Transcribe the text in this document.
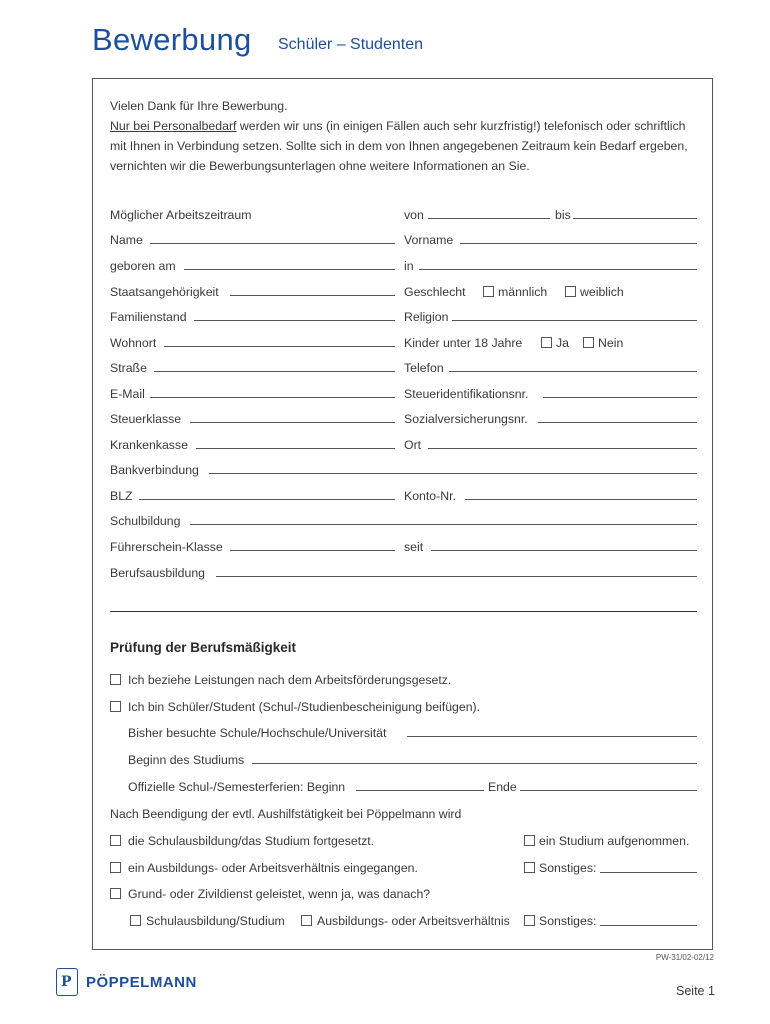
Bewerbung Schüler – Studenten
Vielen Dank für Ihre Bewerbung.
Nur bei Personalbedarf werden wir uns (in einigen Fällen auch sehr kurzfristig!) telefonisch oder schriftlich mit Ihnen in Verbindung setzen. Sollte sich in dem von Ihnen angegebenen Zeitraum kein Bedarf ergeben, vernichten wir die Bewerbungsunterlagen ohne weitere Informationen an Sie.
Möglicher Arbeitszeitraum	von	bis
Name	Vorname
geboren am	in
Staatsangehörigkeit	Geschlecht	männlich	weiblich
Familienstand	Religion
Wohnort	Kinder unter 18 Jahre	Ja Nein
Straße	Telefon
E-Mail	Steueridentifikationsnr.
Steuerklasse	Sozialversicherungsnr.
Krankenkasse	Ort
Bankverbindung
BLZ	Konto-Nr.
Schulbildung
Führerschein-Klasse	seit
Berufsausbildung
Prüfung der Berufsmäßigkeit
Ich beziehe Leistungen nach dem Arbeitsförderungsgesetz.
Ich bin Schüler/Student (Schul-/Studienbescheinigung beifügen).
Bisher besuchte Schule/Hochschule/Universität
Beginn des Studiums
Offizielle Schul-/Semesterferien: Beginn	Ende
Nach Beendigung der evtl. Aushilfstätigkeit bei Pöppelmann wird
die Schulausbildung/das Studium fortgesetzt.	ein Studium aufgenommen.
ein Ausbildungs- oder Arbeitsverhältnis eingegangen.	Sonstiges:
Grund- oder Zivildienst geleistet, wenn ja, was danach?
Schulausbildung/Studium	Ausbildungs- oder Arbeitsverhältnis Sonstiges:
PW-31/02-02/12
P PÖPPELMANN
Seite 1
